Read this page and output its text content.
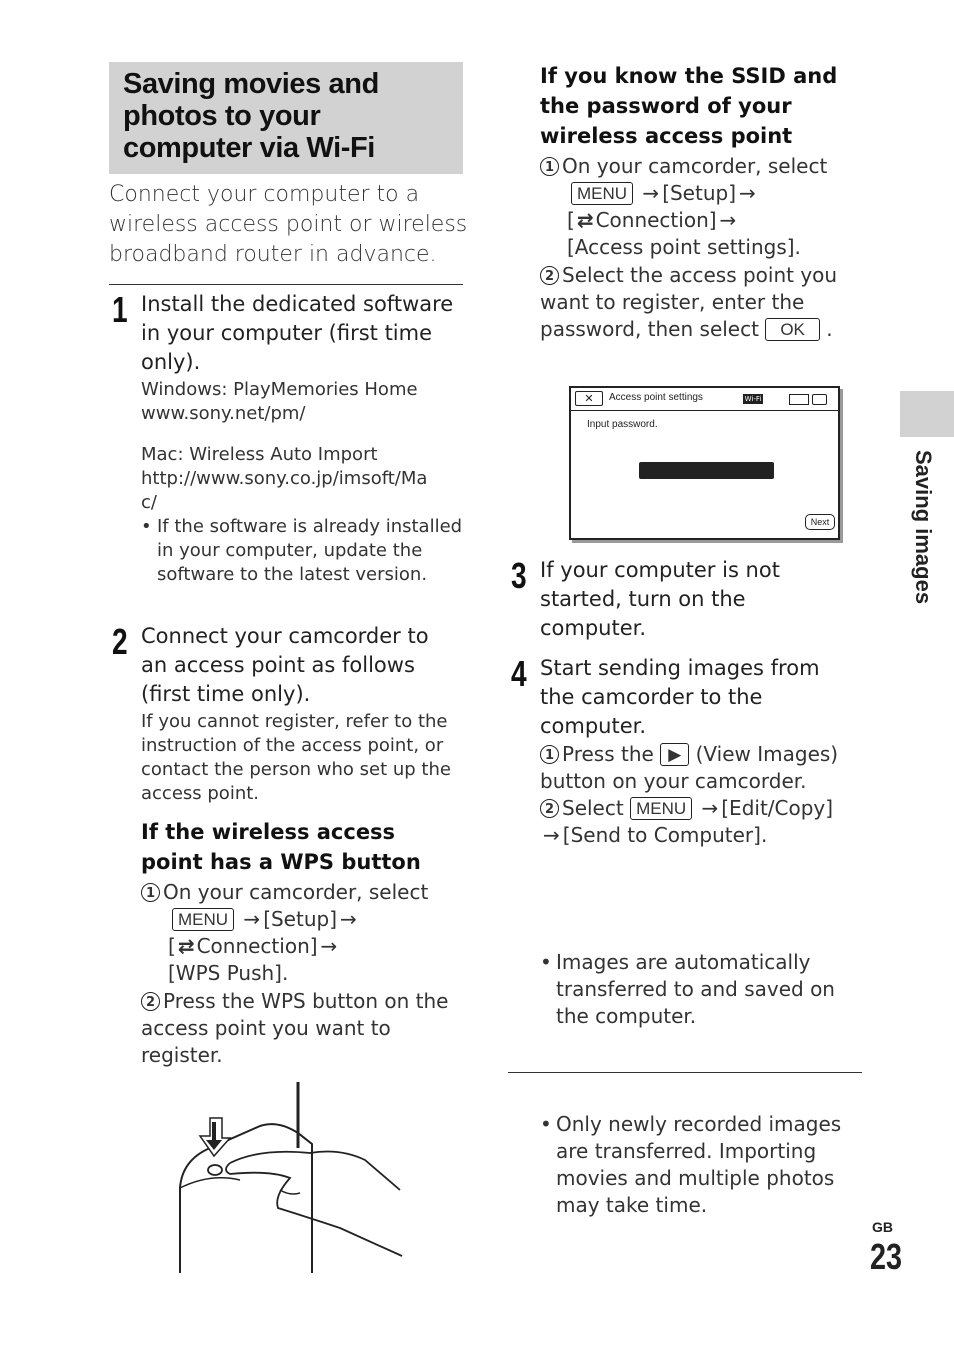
Saving movies and photos to your computer via Wi-Fi
Connect your computer to a wireless access point or wireless broadband router in advance.
1 Install the dedicated software in your computer (first time only).
Windows: PlayMemories Home
www.sony.net/pm/
Mac: Wireless Auto Import
http://www.sony.co.jp/imsoft/Mac/
• If the software is already installed in your computer, update the software to the latest version.
2 Connect your camcorder to an access point as follows (first time only).
If you cannot register, refer to the instruction of the access point, or contact the person who set up the access point.
If the wireless access point has a WPS button
1 On your camcorder, select
MENU → [Setup] →
[ ⇄ Connection] →
[WPS Push].
2 Press the WPS button on the access point you want to register.
If you know the SSID and the password of your wireless access point
1 On your camcorder, select
MENU → [Setup] →
[ ⇄ Connection] →
[Access point settings].
2 Select the access point you want to register, enter the password, then select OK .
✕	Access point settings	Wi-Fi
Input password.
Next
3 If your computer is not started, turn on the computer.
4 Start sending images from the camcorder to the computer.
1 Press the ▶ (View Images) button on your camcorder.
2 Select MENU → [Edit/Copy] → [Send to Computer].
• Images are automatically transferred to and saved on the computer.
• Only newly recorded images are transferred. Importing movies and multiple photos may take time.
Saving images
GB
23
